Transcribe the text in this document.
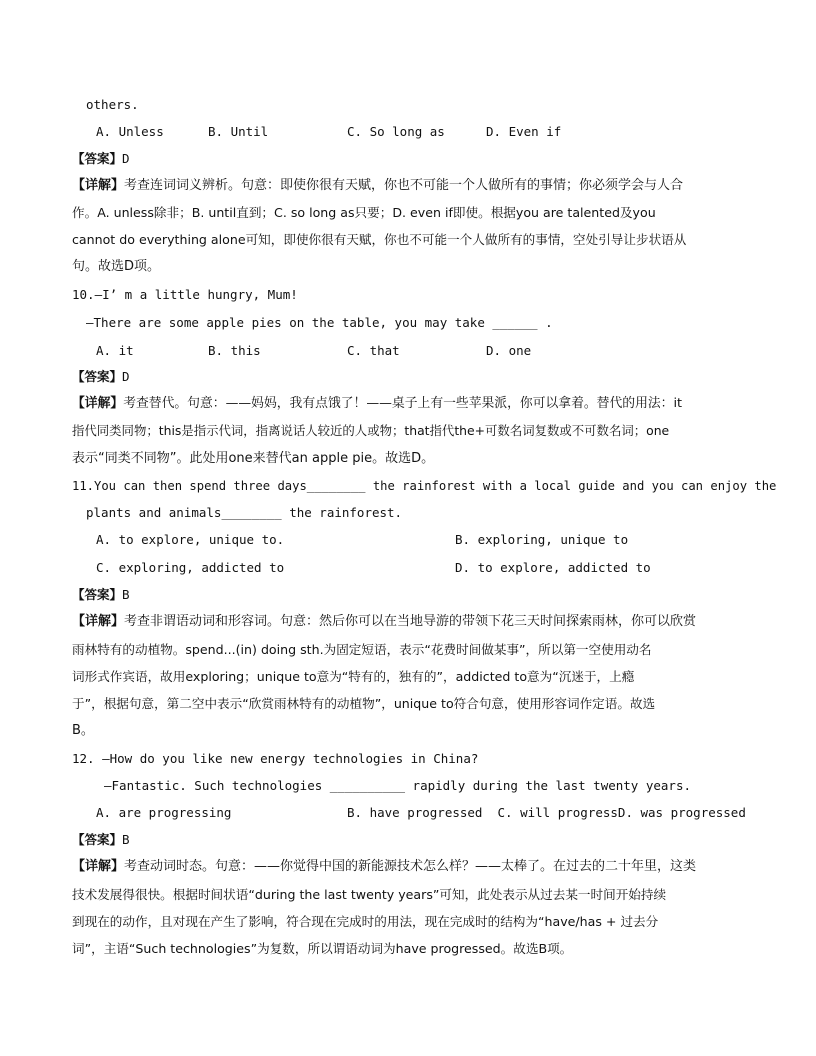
others.
A. Unless	B. Until	C. So long as	D. Even if
【答案】D
【详解】考查连词词义辨析。句意：即使你很有天赋，你也不可能一个人做所有的事情；你必须学会与人合
作。A. unless除非；B. until直到；C. so long as只要；D. even if即使。根据you are talented及you
cannot do everything alone可知，即使你很有天赋，你也不可能一个人做所有的事情，空处引导让步状语从
句。故选D项。
10.—I’ m a little hungry, Mum!
—There are some apple pies on the table, you may take ______ .
A. it	B. this	C. that	D. one
【答案】D
【详解】考查替代。句意：——妈妈，我有点饿了！——桌子上有一些苹果派，你可以拿着。替代的用法：it
指代同类同物；this是指示代词，指离说话人较近的人或物；that指代the+可数名词复数或不可数名词；one
表示“同类不同物”。此处用one来替代an apple pie。故选D。
11.You can then spend three days________ the rainforest with a local guide and you can enjoy the
plants and animals________ the rainforest.
A. to explore, unique to.	B. exploring, unique to
C. exploring, addicted to	D. to explore, addicted to
【答案】B
【详解】考查非谓语动词和形容词。句意：然后你可以在当地导游的带领下花三天时间探索雨林，你可以欣赏
雨林特有的动植物。spend...(in) doing sth.为固定短语，表示“花费时间做某事”，所以第一空使用动名
词形式作宾语，故用exploring；unique to意为“特有的，独有的”，addicted to意为“沉迷于，上瘾
于”，根据句意，第二空中表示“欣赏雨林特有的动植物”，unique to符合句意，使用形容词作定语。故选
B。
12. —How do you like new energy technologies in China?
—Fantastic. Such technologies __________ rapidly during the last twenty years.
A. are progressing	B. have progressed  C. will progressD. was progressed
【答案】B
【详解】考查动词时态。句意：——你觉得中国的新能源技术怎么样？——太棒了。在过去的二十年里，这类
技术发展得很快。根据时间状语“during the last twenty years”可知，此处表示从过去某一时间开始持续
到现在的动作，且对现在产生了影响，符合现在完成时的用法，现在完成时的结构为“have/has + 过去分
词”，主语“Such technologies”为复数，所以谓语动词为have progressed。故选B项。
